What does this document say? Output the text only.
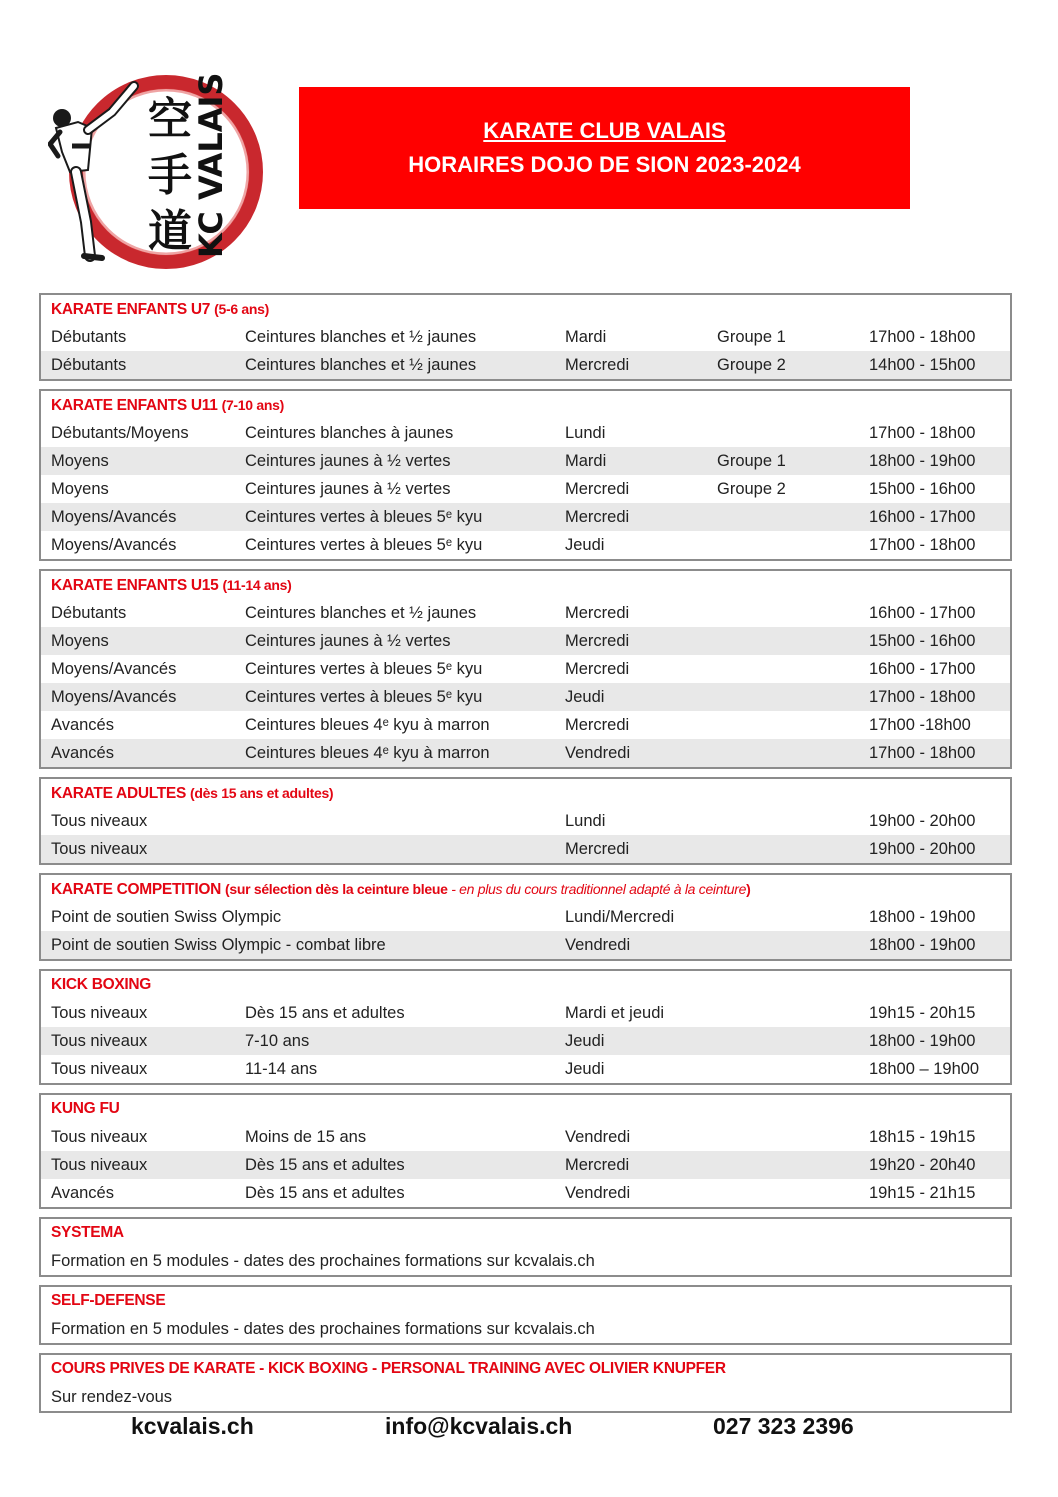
空
手
道 KC VALAIS	KARATE CLUB VALAIS
HORAIRES DOJO DE SION 2023-2024
KARATE ENFANTS U7 (5-6 ans)
Débutants	Ceintures blanches et ½ jaunes	Mardi	Groupe 1	17h00 - 18h00
Débutants	Ceintures blanches et ½ jaunes	Mercredi	Groupe 2	14h00 - 15h00
KARATE ENFANTS U11 (7-10 ans)
Débutants/Moyens	Ceintures blanches à jaunes	Lundi	17h00 - 18h00
Moyens	Ceintures jaunes à ½ vertes	Mardi	Groupe 1	18h00 - 19h00
Moyens	Ceintures jaunes à ½ vertes	Mercredi	Groupe 2	15h00 - 16h00
Moyens/Avancés	Ceintures vertes à bleues 5ᵉ kyu	Mercredi	16h00 - 17h00
Moyens/Avancés	Ceintures vertes à bleues 5ᵉ kyu	Jeudi	17h00 - 18h00
KARATE ENFANTS U15 (11-14 ans)
Débutants	Ceintures blanches et ½ jaunes	Mercredi	16h00 - 17h00
Moyens	Ceintures jaunes à ½ vertes	Mercredi	15h00 - 16h00
Moyens/Avancés	Ceintures vertes à bleues 5ᵉ kyu	Mercredi	16h00 - 17h00
Moyens/Avancés	Ceintures vertes à bleues 5ᵉ kyu	Jeudi	17h00 - 18h00
Avancés	Ceintures bleues 4ᵉ kyu à marron	Mercredi	17h00 -18h00
Avancés	Ceintures bleues 4ᵉ kyu à marron	Vendredi	17h00 - 18h00
KARATE ADULTES (dès 15 ans et adultes)
Tous niveaux	Lundi	19h00 - 20h00
Tous niveaux	Mercredi	19h00 - 20h00
KARATE COMPETITION (sur sélection dès la ceinture bleue - en plus du cours traditionnel adapté à la ceinture)
Point de soutien Swiss Olympic	Lundi/Mercredi	18h00 - 19h00
Point de soutien Swiss Olympic - combat libre	Vendredi	18h00 - 19h00
KICK BOXING
Tous niveaux	Dès 15 ans et adultes	Mardi et jeudi	19h15 - 20h15
Tous niveaux	7-10 ans	Jeudi	18h00 - 19h00
Tous niveaux	11-14 ans	Jeudi	18h00 – 19h00
KUNG FU
Tous niveaux	Moins de 15 ans	Vendredi	18h15 - 19h15
Tous niveaux	Dès 15 ans et adultes	Mercredi	19h20 - 20h40
Avancés	Dès 15 ans et adultes	Vendredi	19h15 - 21h15
SYSTEMA
Formation en 5 modules - dates des prochaines formations sur kcvalais.ch
SELF-DEFENSE
Formation en 5 modules - dates des prochaines formations sur kcvalais.ch
COURS PRIVES DE KARATE - KICK BOXING - PERSONAL TRAINING AVEC OLIVIER KNUPFER
Sur rendez-vous
kcvalais.ch	info@kcvalais.ch	027 323 2396
